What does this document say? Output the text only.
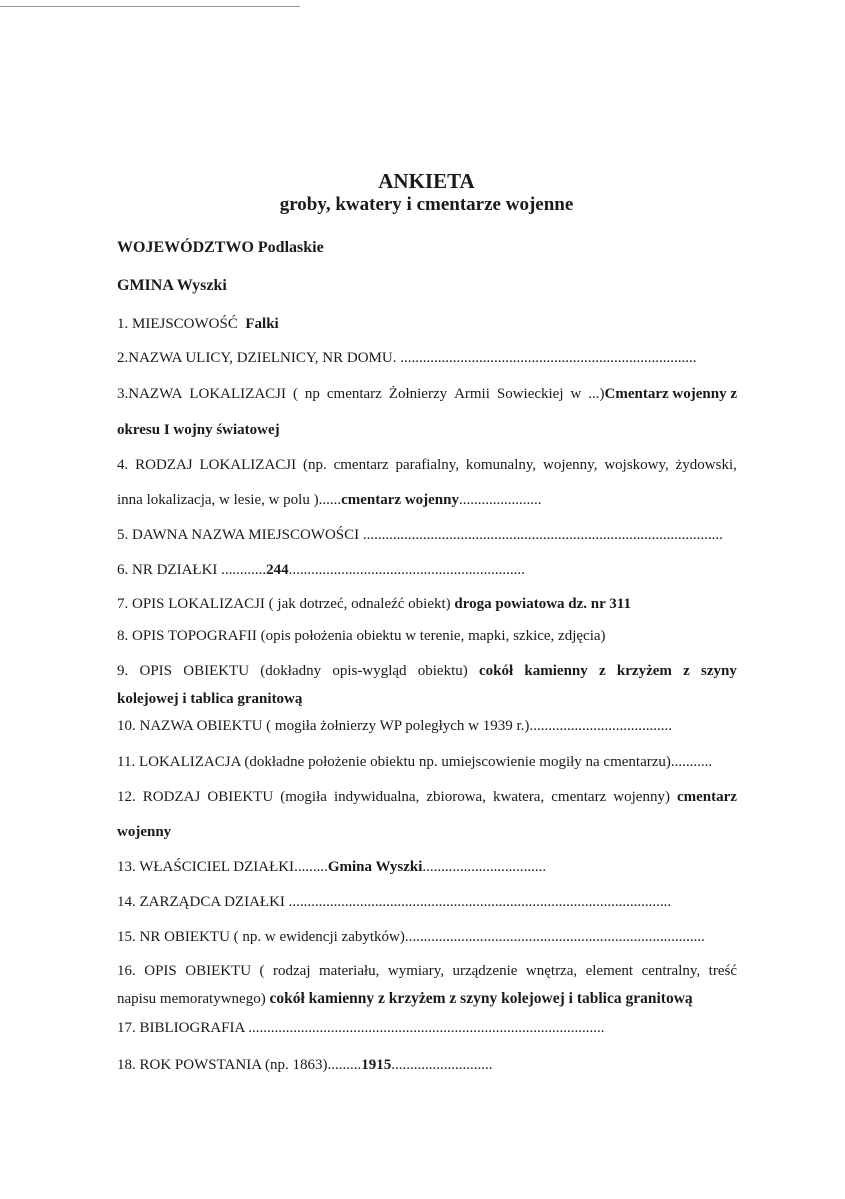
ANKIETA
groby, kwatery i cmentarze wojenne
WOJEWÓDZTWO Podlaskie
GMINA Wyszki
1. MIEJSCOWOŚĆ Falki
2.NAZWA ULICY, DZIELNICY, NR DOMU. ...............................................................................
3.NAZWA LOKALIZACJI ( np cmentarz Żołnierzy Armii Sowieckiej w ...)Cmentarz wojenny z
okresu I wojny światowej
4. RODZAJ LOKALIZACJI (np. cmentarz parafialny, komunalny, wojenny, wojskowy, żydowski,
inna lokalizacja, w lesie, w polu )......cmentarz wojenny......................
5. DAWNA NAZWA MIEJSCOWOŚCI ................................................................................................
6. NR DZIAŁKI ............244...............................................................
7. OPIS LOKALIZACJI ( jak dotrzeć, odnaleźć obiekt) droga powiatowa dz. nr 311
8. OPIS TOPOGRAFII (opis położenia obiektu w terenie, mapki, szkice, zdjęcia)
9. OPIS OBIEKTU (dokładny opis-wygląd obiektu) cokół kamienny z krzyżem z szyny
kolejowej i tablica granitową
10. NAZWA OBIEKTU ( mogiła żołnierzy WP poległych w 1939 r.)......................................
11. LOKALIZACJA (dokładne położenie obiektu np. umiejscowienie mogiły na cmentarzu)...........
12. RODZAJ OBIEKTU (mogiła indywidualna, zbiorowa, kwatera, cmentarz wojenny) cmentarz
wojenny
13. WŁAŚCICIEL DZIAŁKI.........Gmina Wyszki.................................
14. ZARZĄDCA DZIAŁKI ......................................................................................................
15. NR OBIEKTU ( np. w ewidencji zabytków)................................................................................
16. OPIS OBIEKTU ( rodzaj materiału, wymiary, urządzenie wnętrza, element centralny, treść
napisu memoratywnego) cokół kamienny z krzyżem z szyny kolejowej i tablica granitową
17. BIBLIOGRAFIA ...............................................................................................
18. ROK POWSTANIA (np. 1863).........1915...........................
